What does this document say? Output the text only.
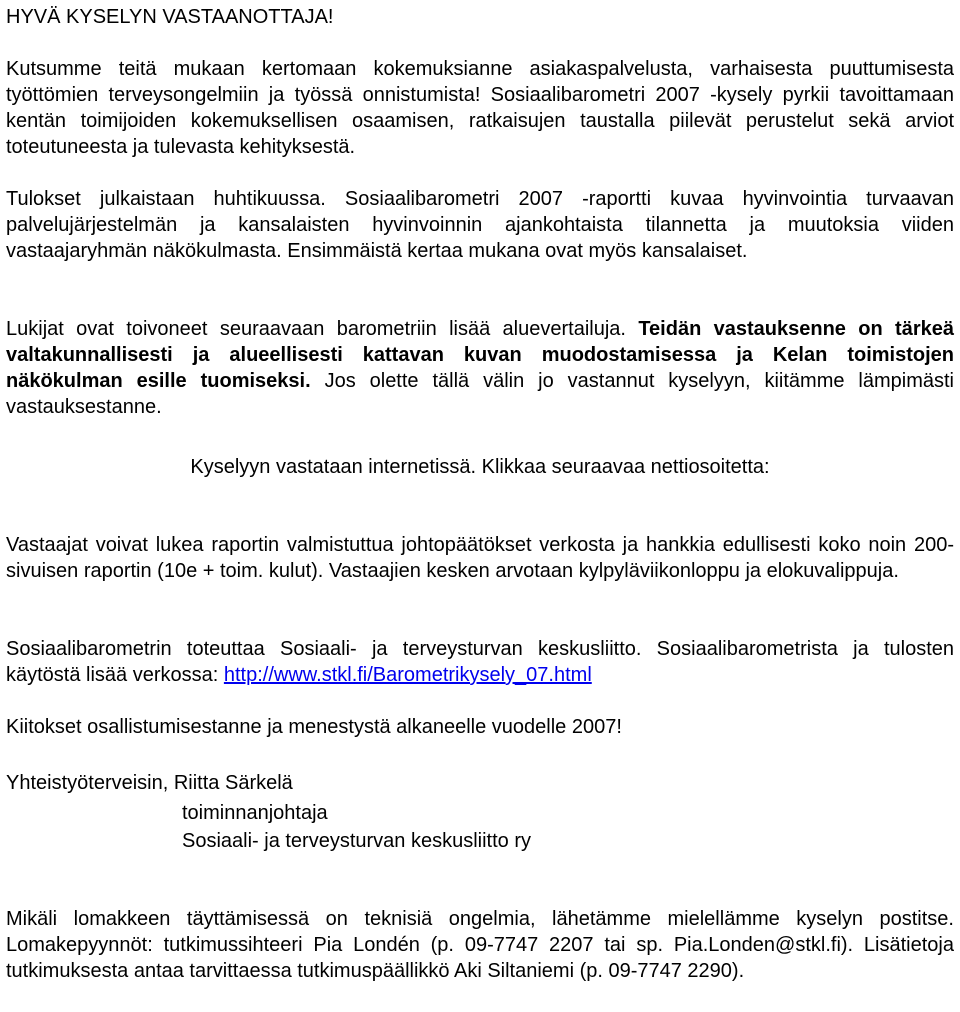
HYVÄ KYSELYN VASTAANOTTAJA!
Kutsumme teitä mukaan kertomaan kokemuksianne asiakaspalvelusta, varhaisesta puuttumisesta työttömien terveysongelmiin ja työssä onnistumista! Sosiaalibarometri 2007 -kysely pyrkii tavoittamaan kentän toimijoiden kokemuksellisen osaamisen, ratkaisujen taustalla piilevät perustelut sekä arviot toteutuneesta ja tulevasta kehityksestä.
Tulokset julkaistaan huhtikuussa. Sosiaalibarometri 2007 -raportti kuvaa hyvinvointia turvaavan palvelujärjestelmän ja kansalaisten hyvinvoinnin ajankohtaista tilannetta ja muutoksia viiden vastaajaryhmän näkökulmasta. Ensimmäistä kertaa mukana ovat myös kansalaiset.
Lukijat ovat toivoneet seuraavaan barometriin lisää aluevertailuja. Teidän vastauksenne on tärkeä valtakunnallisesti ja alueellisesti kattavan kuvan muodostamisessa ja Kelan toimistojen näkökulman esille tuomiseksi. Jos olette tällä välin jo vastannut kyselyyn, kiitämme lämpimästi vastauksestanne.
Kyselyyn vastataan internetissä. Klikkaa seuraavaa nettiosoitetta:
Vastaajat voivat lukea raportin valmistuttua johtopäätökset verkosta ja hankkia edullisesti koko noin 200-sivuisen raportin (10e + toim. kulut). Vastaajien kesken arvotaan kylpyläviikonloppu ja elokuvalippuja.
Sosiaalibarometrin toteuttaa Sosiaali- ja terveysturvan keskusliitto. Sosiaalibarometrista ja tulosten käytöstä lisää verkossa: http://www.stkl.fi/Barometrikysely_07.html
Kiitokset osallistumisestanne ja menestystä alkaneelle vuodelle 2007!
Yhteistyöterveisin, Riitta Särkelä
toiminnanjohtaja
Sosiaali- ja terveysturvan keskusliitto ry
Mikäli lomakkeen täyttämisessä on teknisiä ongelmia, lähetämme mielellämme kyselyn postitse. Lomakepyynnöt: tutkimussihteeri Pia Londén (p. 09-7747 2207 tai sp. Pia.Londen@stkl.fi). Lisätietoja tutkimuksesta antaa tarvittaessa tutkimuspäällikkö Aki Siltaniemi (p. 09-7747 2290).
